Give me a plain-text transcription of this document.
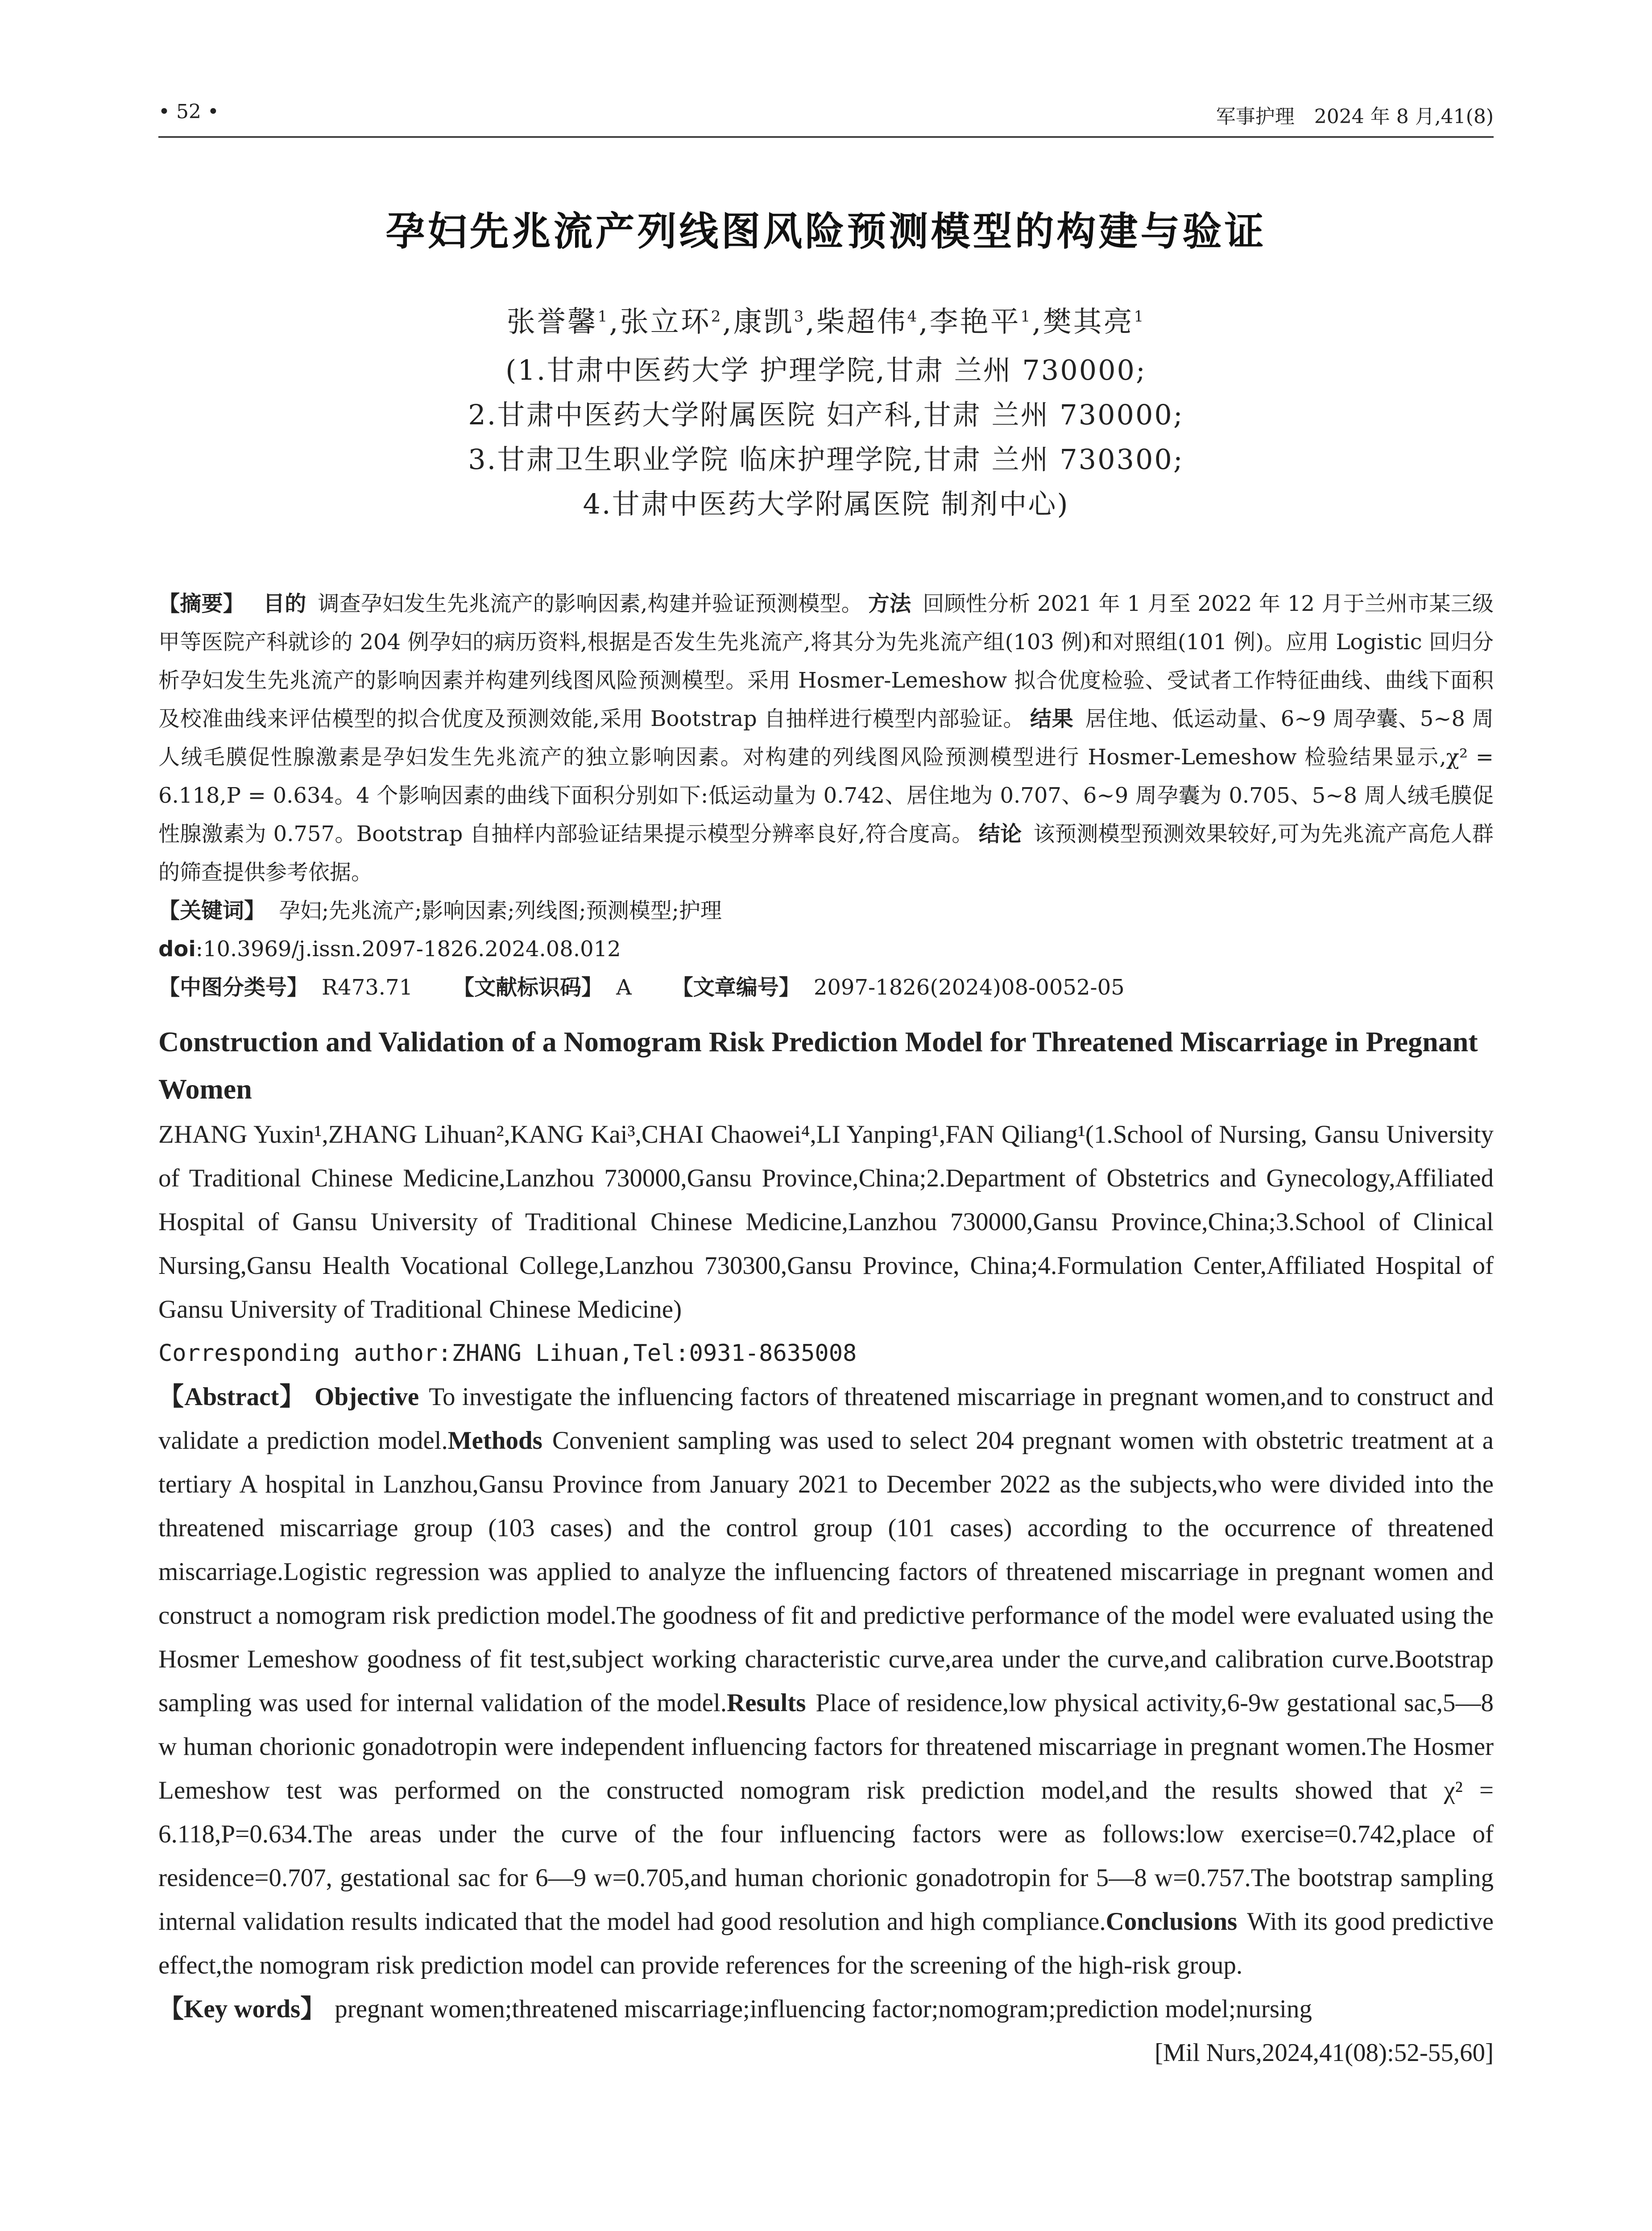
• 52 •	军事护理　2024 年 8 月,41(8)
孕妇先兆流产列线图风险预测模型的构建与验证
张誉馨$^1$,张立环$^2$,康凯$^3$,柴超伟$^4$,李艳平$^1$,樊其亮$^1$
(1.甘肃中医药大学 护理学院,甘肃 兰州 730000;
2.甘肃中医药大学附属医院 妇产科,甘肃 兰州 730000;
3.甘肃卫生职业学院 临床护理学院,甘肃 兰州 730300;
4.甘肃中医药大学附属医院 制剂中心)
【摘要】 目的 调查孕妇发生先兆流产的影响因素,构建并验证预测模型。 方法 回顾性分析 2021 年 1 月至 2022 年 12 月于兰州市某三级甲等医院产科就诊的 204 例孕妇的病历资料,根据是否发生先兆流产,将其分为先兆流产组(103 例)和对照组(101 例)。应用 Logistic 回归分析孕妇发生先兆流产的影响因素并构建列线图风险预测模型。采用 Hosmer-Lemeshow 拟合优度检验、受试者工作特征曲线、曲线下面积及校准曲线来评估模型的拟合优度及预测效能,采用 Bootstrap 自抽样进行模型内部验证。 结果 居住地、低运动量、6~9 周孕囊、5~8 周人绒毛膜促性腺激素是孕妇发生先兆流产的独立影响因素。对构建的列线图风险预测模型进行 Hosmer-Lemeshow 检验结果显示,χ² = 6.118,P = 0.634。4 个影响因素的曲线下面积分别如下:低运动量为 0.742、居住地为 0.707、6~9 周孕囊为 0.705、5~8 周人绒毛膜促性腺激素为 0.757。Bootstrap 自抽样内部验证结果提示模型分辨率良好,符合度高。 结论 该预测模型预测效果较好,可为先兆流产高危人群的筛查提供参考依据。
【关键词】 孕妇;先兆流产;影响因素;列线图;预测模型;护理
doi:10.3969/j.issn.2097-1826.2024.08.012
【中图分类号】 R473.71 【文献标识码】 A 【文章编号】 2097-1826(2024)08-0052-05
Construction and Validation of a Nomogram Risk Prediction Model for Threatened Miscarriage in Pregnant Women
ZHANG Yuxin¹,ZHANG Lihuan²,KANG Kai³,CHAI Chaowei⁴,LI Yanping¹,FAN Qiliang¹(1.School of Nursing, Gansu University of Traditional Chinese Medicine,Lanzhou 730000,Gansu Province,China;2.Department of Obstetrics and Gynecology,Affiliated Hospital of Gansu University of Traditional Chinese Medicine,Lanzhou 730000,Gansu Province,China;3.School of Clinical Nursing,Gansu Health Vocational College,Lanzhou 730300,Gansu Province, China;4.Formulation Center,Affiliated Hospital of Gansu University of Traditional Chinese Medicine)
Corresponding author:ZHANG Lihuan,Tel:0931-8635008
【Abstract】 Objective To investigate the influencing factors of threatened miscarriage in pregnant women,and to construct and validate a prediction model.Methods Convenient sampling was used to select 204 pregnant women with obstetric treatment at a tertiary A hospital in Lanzhou,Gansu Province from January 2021 to December 2022 as the subjects,who were divided into the threatened miscarriage group (103 cases) and the control group (101 cases) according to the occurrence of threatened miscarriage.Logistic regression was applied to analyze the influencing factors of threatened miscarriage in pregnant women and construct a nomogram risk prediction model.The goodness of fit and predictive performance of the model were evaluated using the Hosmer Lemeshow goodness of fit test,subject working characteristic curve,area under the curve,and calibration curve.Bootstrap sampling was used for internal validation of the model.Results Place of residence,low physical activity,6-9w gestational sac,5—8 w human chorionic gonadotropin were independent influencing factors for threatened miscarriage in pregnant women.The Hosmer Lemeshow test was performed on the constructed nomogram risk prediction model,and the results showed that χ² = 6.118,P=0.634.The areas under the curve of the four influencing factors were as follows:low exercise=0.742,place of residence=0.707, gestational sac for 6—9 w=0.705,and human chorionic gonadotropin for 5—8 w=0.757.The bootstrap sampling internal validation results indicated that the model had good resolution and high compliance.Conclusions With its good predictive effect,the nomogram risk prediction model can provide references for the screening of the high-risk group.
【Key words】 pregnant women;threatened miscarriage;influencing factor;nomogram;prediction model;nursing
[Mil Nurs,2024,41(08):52-55,60]
